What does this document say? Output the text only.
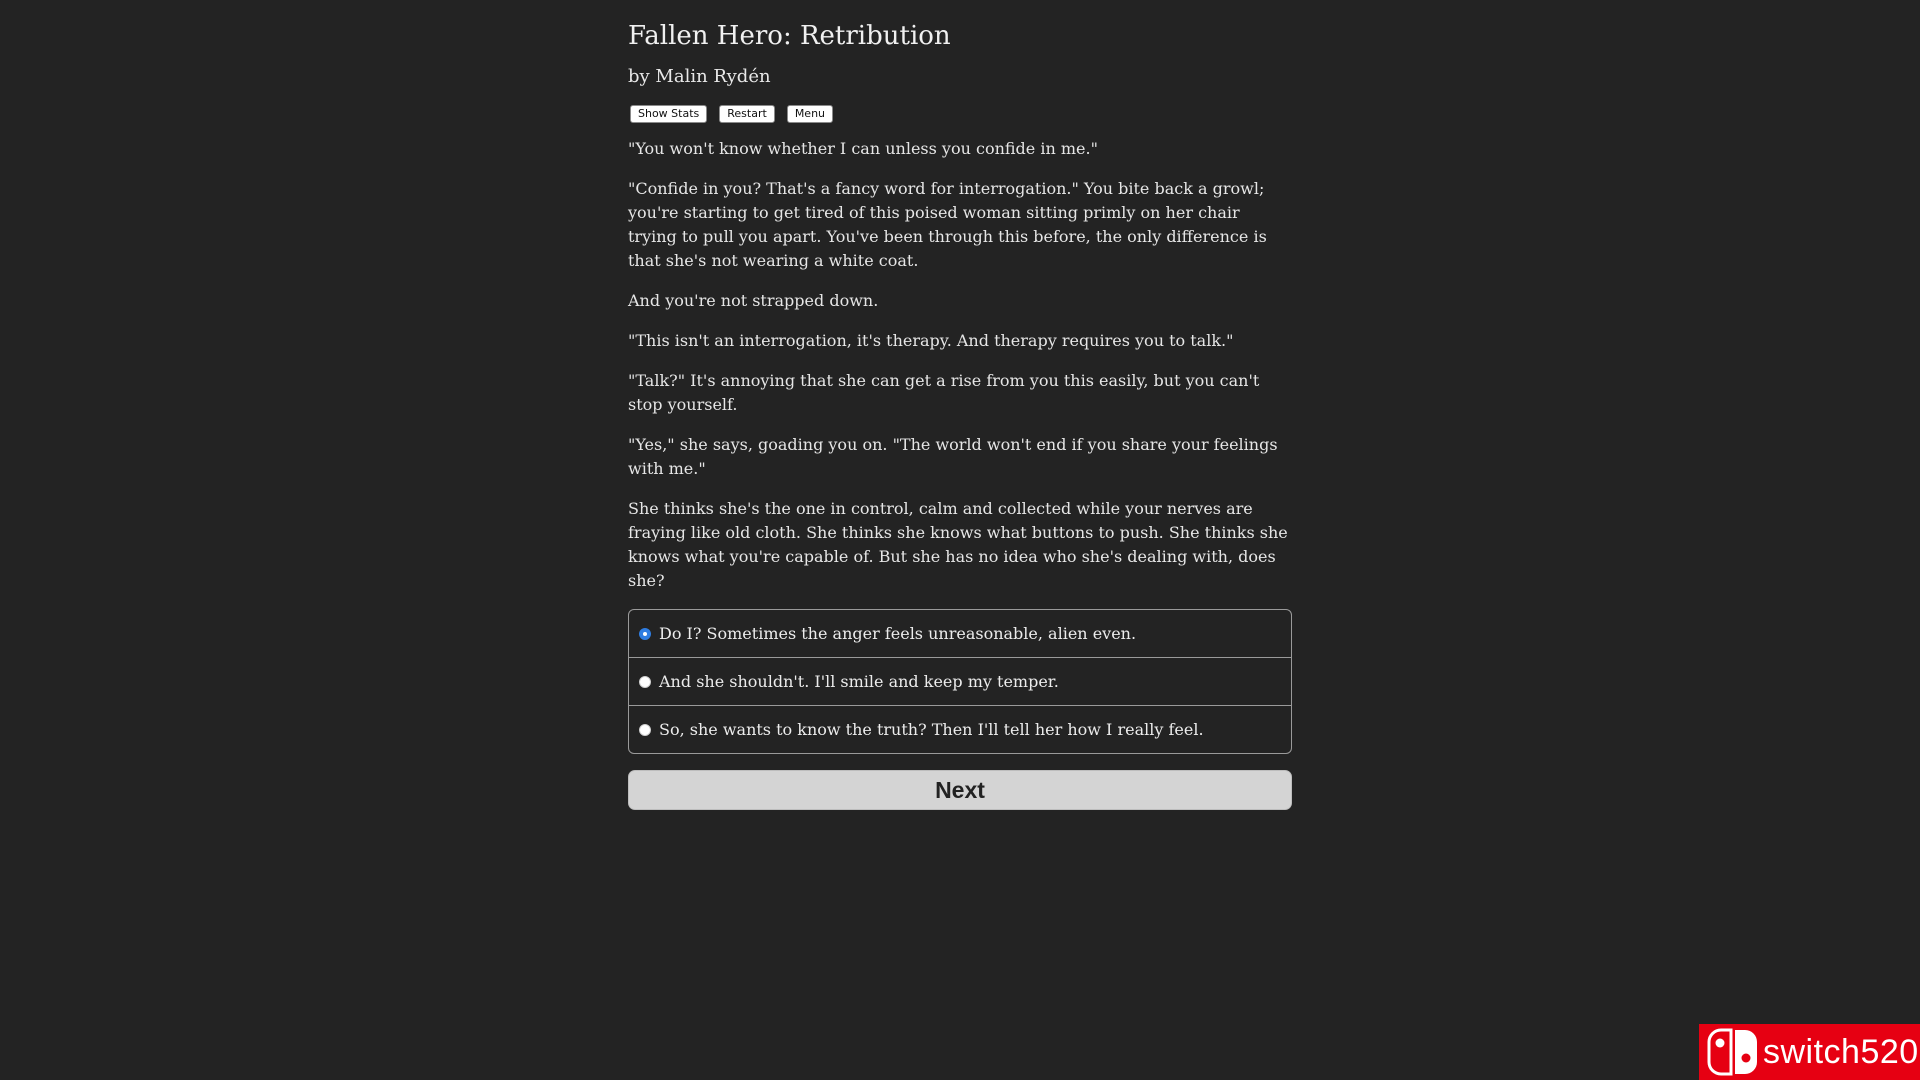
Fallen Hero: Retribution
by Malin Rydén
Show Stats	Restart	Menu

"You won't know whether I can unless you confide in me."

"Confide in you? That's a fancy word for interrogation." You bite back a growl; you're starting to get tired of this poised woman sitting primly on her chair trying to pull you apart. You've been through this before, the only difference is that she's not wearing a white coat.

And you're not strapped down.

"This isn't an interrogation, it's therapy. And therapy requires you to talk."

"Talk?" It's annoying that she can get a rise from you this easily, but you can't stop yourself.

"Yes," she says, goading you on. "The world won't end if you share your feelings with me."

She thinks she's the one in control, calm and collected while your nerves are fraying like old cloth. She thinks she knows what buttons to push. She thinks she knows what you're capable of. But she has no idea who she's dealing with, does she?

Do I? Sometimes the anger feels unreasonable, alien even.
And she shouldn't. I'll smile and keep my temper.
So, she wants to know the truth? Then I'll tell her how I really feel.
Next
switch520
